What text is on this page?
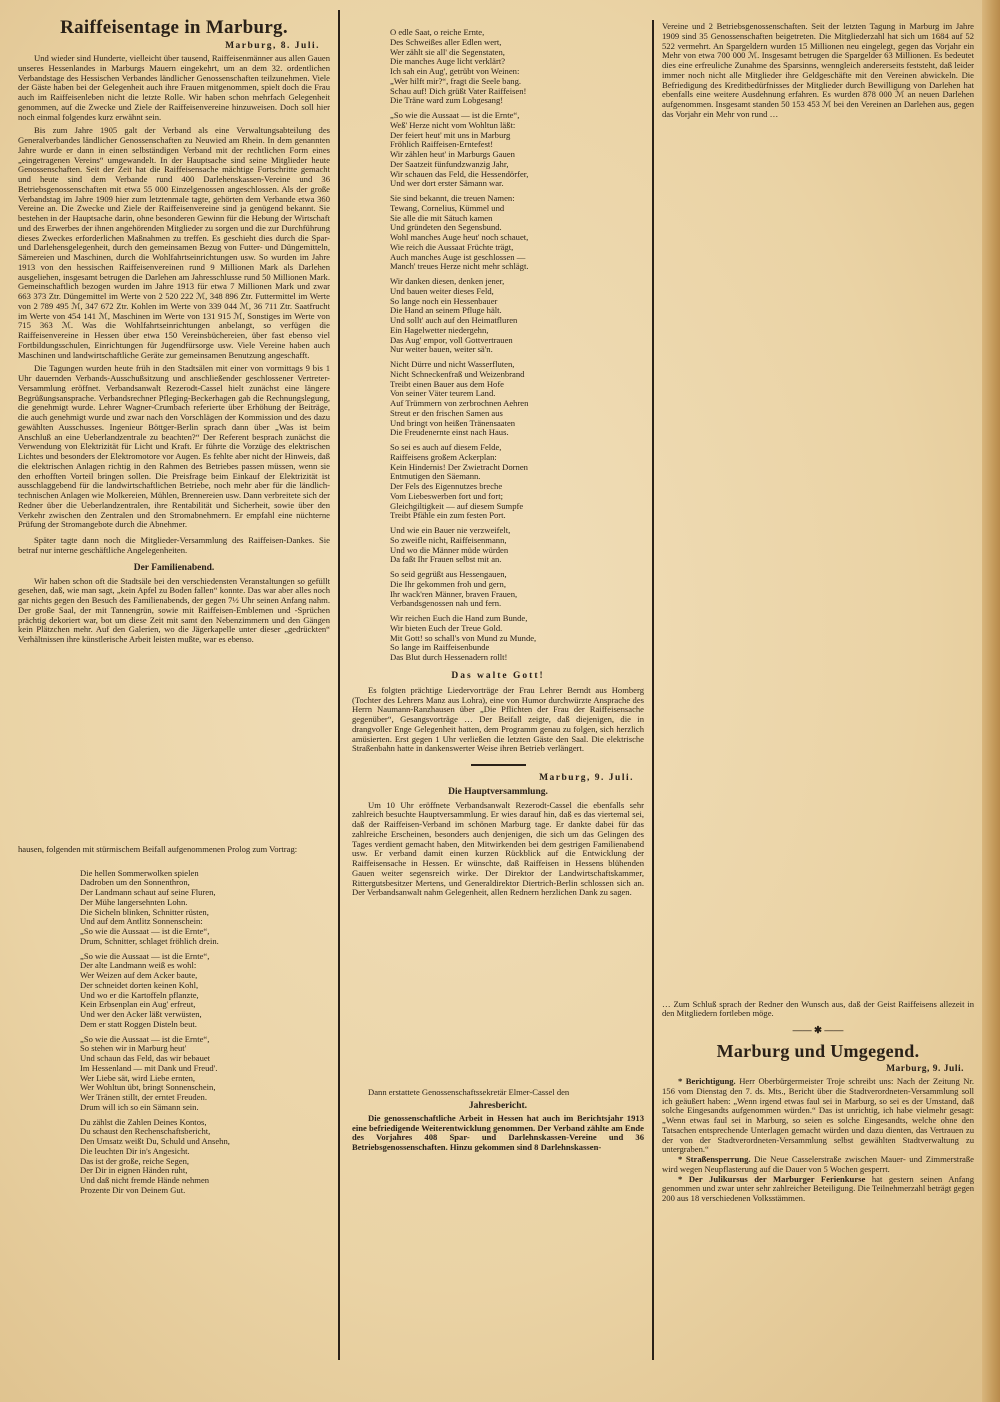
Raiffeisentage in Marburg.
Marburg, 8. Juli.

Und wieder sind Hunderte, vielleicht über tausend, Raiffeisenmänner aus allen Gauen unseres Hessenlandes in Marburgs Mauern eingekehrt, um an dem 32. ordentlichen Verbandstage des Hessischen Verbandes ländlicher Genossenschaften teilzunehmen. Viele der Gäste haben bei der Gelegenheit auch ihre Frauen mitgenommen, spielt doch die Frau auch im Raiffeisenleben nicht die letzte Rolle. Wir haben schon mehrfach Gelegenheit genommen, auf die Zwecke und Ziele der Raiffeisenvereine hinzuweisen. Doch soll hier noch einmal folgendes kurz erwähnt sein.

Bis zum Jahre 1905 galt der Verband als eine Verwaltungsabteilung des Generalverbandes ländlicher Genossenschaften zu Neuwied am Rhein. In dem genannten Jahre wurde er dann in einen selbständigen Verband mit der rechtlichen Form eines „eingetragenen Vereins“ umgewandelt. In der Hauptsache sind seine Mitglieder heute Genossenschaften. Seit der Zeit hat die Raiffeisensache mächtige Fortschritte gemacht und heute sind dem Verbande rund 400 Darlehenskassen-Vereine und 36 Betriebsgenossenschaften mit etwa 55 000 Einzelgenossen angeschlossen. Als der große Verbandstag im Jahre 1909 hier zum letztenmale tagte, gehörten dem Verbande etwa 360 Vereine an. Die Zwecke und Ziele der Raiffeisenvereine sind ja genügend bekannt. Sie bestehen in der Hauptsache darin, ohne besonderen Gewinn für die Hebung der Wirtschaft und des Erwerbes der ihnen angehörenden Mitglieder zu sorgen und die zur Durchführung dieses Zweckes erforderlichen Maßnahmen zu treffen. Es geschieht dies durch die Spar- und Darlehensgelegenheit, durch den gemeinsamen Bezug von Futter- und Düngemitteln, Sämereien und Maschinen, durch die Wohlfahrtseinrichtungen usw. So wurden im Jahre 1913 von den hessischen Raiffeisenvereinen rund 9 Millionen Mark als Darlehen ausgeliehen, insgesamt betrugen die Darlehen am Jahresschlusse rund 50 Millionen Mark. Gemeinschaftlich bezogen wurden im Jahre 1913 für etwa 7 Millionen Mark und zwar 663 373 Ztr. Düngemittel im Werte von 2 520 222 ℳ, 348 896 Ztr. Futtermittel im Werte von 2 789 495 ℳ, 347 672 Ztr. Kohlen im Werte von 339 044 ℳ, 36 711 Ztr. Saatfrucht im Werte von 454 141 ℳ, Maschinen im Werte von 131 915 ℳ, Sonstiges im Werte von 715 363 ℳ. Was die Wohlfahrtseinrichtungen anbelangt, so verfügen die Raiffeisenvereine in Hessen über etwa 150 Vereinsbüchereien, über fast ebenso viel Fortbildungsschulen, Einrichtungen für Jugendfürsorge usw. Viele Vereine haben auch Maschinen und landwirtschaftliche Geräte zur gemeinsamen Benutzung angeschafft.

Die Tagungen wurden heute früh in den Stadtsälen mit einer von vormittags 9 bis 1 Uhr dauernden Verbands-Ausschußsitzung und anschließender geschlossener Vertreter-Versammlung eröffnet. Verbandsanwalt Rezerodt-Cassel hielt zunächst eine längere Begrüßungsansprache. Verbandsrechner Pfleging-Beckerhagen gab die Rechnungslegung, die genehmigt wurde. Lehrer Wagner-Crumbach referierte über Erhöhung der Beiträge, die auch genehmigt wurde und zwar nach den Vorschlägen der Kommission und des dazu gewählten Ausschusses. Ingenieur Böttger-Berlin sprach dann über „Was ist beim Anschluß an eine Ueberlandzentrale zu beachten?“ Der Referent besprach zunächst die Verwendung von Elektrizität für Licht und Kraft. Er führte die Vorzüge des elektrischen Lichtes und besonders der Elektromotore vor Augen. Es fehlte aber nicht der Hinweis, daß die elektrischen Anlagen richtig in den Rahmen des Betriebes passen müssen, wenn sie den erhofften Vorteil bringen sollen. Die Preisfrage beim Einkauf der Elektrizität ist ausschlaggebend für die landwirtschaftlichen Betriebe, noch mehr aber für die ländlich-technischen Anlagen wie Molkereien, Mühlen, Brennereien usw. Dann verbreitete sich der Redner über die Ueberlandzentralen, ihre Rentabilität und Sicherheit, sowie über den Verkehr zwischen den Zentralen und den Stromabnehmern. Er empfahl eine nüchterne Prüfung der Stromangebote durch die Abnehmer.

Später tagte dann noch die Mitglieder-Versammlung des Raiffeisen-Dankes. Sie betraf nur interne geschäftliche Angelegenheiten.

Der Familienabend.

Wir haben schon oft die Stadtsäle bei den verschiedensten Veranstaltungen so gefüllt gesehen, daß, wie man sagt, „kein Apfel zu Boden fallen“ konnte. Das war aber alles noch gar nichts gegen den Besuch des Familienabends, der gegen 7½ Uhr seinen Anfang nahm. Der große Saal, der mit Tannengrün, sowie mit Raiffeisen-Emblemen und -Sprüchen prächtig dekoriert war, bot um diese Zeit mit samt den Nebenzimmern und den Gängen kein Plätzchen mehr. Auf den Galerien, wo die Jägerkapelle unter dieser „gedrückten“ Verhältnissen ihre künstlerische Arbeit leisten mußte, war es ebenso.

hausen, folgenden mit stürmischem Beifall aufgenommenen Prolog zum Vortrag:

Die hellen Sommerwolken spielen
Dadroben um den Sonnenthron,
Der Landmann schaut auf seine Fluren,
Der Mühe langersehnten Lohn.
Die Sicheln blinken, Schnitter rüsten,
Und auf dem Antlitz Sonnenschein:
„So wie die Aussaat — ist die Ernte“,
Drum, Schnitter, schlaget fröhlich drein.
„So wie die Aussaat — ist die Ernte“,
Der alte Landmann weiß es wohl:
Wer Weizen auf dem Acker baute,
Der schneidet dorten keinen Kohl,
Und wo er die Kartoffeln pflanzte,
Kein Erbsenplan ein Aug' erfreut,
Und wer den Acker läßt verwüsten,
Dem er statt Roggen Disteln beut.
„So wie die Aussaat — ist die Ernte“,
So stehen wir in Marburg heut'
Und schaun das Feld, das wir bebauet
Im Hessenland — mit Dank und Freud'.
Wer Liebe sät, wird Liebe ernten,
Wer Wohltun übt, bringt Sonnenschein,
Wer Tränen stillt, der erntet Freuden.
Drum will ich so ein Sämann sein.
Du zählst die Zahlen Deines Kontos,
Du schaust den Rechenschaftsbericht,
Den Umsatz weißt Du, Schuld und Ansehn,
Die leuchten Dir in's Angesicht.
Das ist der große, reiche Segen,
Der Dir in eignen Händen ruht,
Und daß nicht fremde Hände nehmen
Prozente Dir von Deinem Gut.
O edle Saat, o reiche Ernte,
Des Schweißes aller Edlen wert,
Wer zählt sie all' die Segenstaten,
Die manches Auge licht verklärt?
Ich sah ein Aug', getrübt von Weinen:
„Wer hilft mir?“, fragt die Seele bang.
Schau auf! Dich grüßt Vater Raiffeisen!
Die Träne ward zum Lobgesang!
„So wie die Aussaat — ist die Ernte“,
Weß' Herze nicht vom Wohltun läßt:
Der feiert heut' mit uns in Marburg
Fröhlich Raiffeisen-Erntefest!
Wir zählen heut' in Marburgs Gauen
Der Saatzeit fünfundzwanzig Jahr,
Wir schauen das Feld, die Hessendörfer,
Und wer dort erster Sämann war.
Sie sind bekannt, die treuen Namen:
Tewang, Cornelius, Kümmel und
Sie alle die mit Sätuch kamen
Und gründeten den Segensbund.
Wohl manches Auge heut' noch schauet,
Wie reich die Aussaat Früchte trägt,
Auch manches Auge ist geschlossen —
Manch' treues Herze nicht mehr schlägt.
Wir danken diesen, denken jener,
Und bauen weiter dieses Feld,
So lange noch ein Hessenbauer
Die Hand an seinem Pfluge hält.
Und sollt' auch auf den Heimatfluren
Ein Hagelwetter niedergehn,
Das Aug' empor, voll Gottvertrauen
Nur weiter bauen, weiter sä'n.
Nicht Dürre und nicht Wasserfluten,
Nicht Schneckenfraß und Weizenbrand
Treibt einen Bauer aus dem Hofe
Von seiner Väter teurem Land.
Auf Trümmern von zerbrochnen Aehren
Streut er den frischen Samen aus
Und bringt von heißen Tränensaaten
Die Freudenernte einst nach Haus.
So sei es auch auf diesem Felde,
Raiffeisens großem Ackerplan:
Kein Hindernis! Der Zwietracht Dornen
Entmutigen den Säemann.
Der Fels des Eigennutzes breche
Vom Liebeswerben fort und fort;
Gleichgiltigkeit — auf diesem Sumpfe
Treibt Pfähle ein zum festen Port.
Und wie ein Bauer nie verzweifelt,
So zweifle nicht, Raiffeisenmann,
Und wo die Männer müde würden
Da faßt Ihr Frauen selbst mit an.
So seid gegrüßt aus Hessengauen,
Die Ihr gekommen froh und gern,
Ihr wack'ren Männer, braven Frauen,
Verbandsgenossen nah und fern.
Wir reichen Euch die Hand zum Bunde,
Wir bieten Euch der Treue Gold.
Mit Gott! so schall's von Mund zu Munde,
So lange im Raiffeisenbunde
Das Blut durch Hessenadern rollt!
Das walte Gott!

Es folgten prächtige Liedervorträge der Frau Lehrer Berndt aus Homberg (Tochter des Lehrers Manz aus Lohra), eine von Humor durchwürzte Ansprache des Herrn Naumann-Ranzhausen über „Die Pflichten der Frau der Raiffeisensache gegenüber“, Gesangsvorträge … Der Beifall zeigte, daß diejenigen, die in drangvoller Enge Gelegenheit hatten, dem Programm genau zu folgen, sich herzlich amüsierten. Erst gegen 1 Uhr verließen die letzten Gäste den Saal. Die elektrische Straßenbahn hatte in dankenswerter Weise ihren Betrieb verlängert.

Marburg, 9. Juli.
Die Hauptversammlung.

Um 10 Uhr eröffnete Verbandsanwalt Rezerodt-Cassel die ebenfalls sehr zahlreich besuchte Hauptversammlung. Er wies darauf hin, daß es das viertemal sei, daß der Raiffeisen-Verband im schönen Marburg tage. Er dankte dabei für das zahlreiche Erscheinen, besonders auch denjenigen, die sich um das Gelingen des Tages verdient gemacht haben, den Mitwirkenden bei dem gestrigen Familienabend usw. Er verband damit einen kurzen Rückblick auf die Entwicklung der Raiffeisensache in Hessen. Er wünschte, daß Raiffeisen in Hessens blühenden Gauen weiter segensreich wirke. Der Direktor der Landwirtschaftskammer, Rittergutsbesitzer Mertens, und Generaldirektor Diertrich-Berlin schlossen sich an. Der Verbandsanwalt nahm Gelegenheit, allen Rednern herzlichen Dank zu sagen.

Dann erstattete Genossenschaftssekretär Elmer-Cassel den

Jahresbericht.

Die genossenschaftliche Arbeit in Hessen hat auch im Berichtsjahr 1913 eine befriedigende Weiterentwicklung genommen. Der Verband zählte am Ende des Vorjahres 408 Spar- und Darlehnskassen-Vereine und 36 Betriebsgenossenschaften. Hinzu gekommen sind 8 Darlehnskassen-

Vereine und 2 Betriebsgenossenschaften. Seit der letzten Tagung in Marburg im Jahre 1909 sind 35 Genossenschaften beigetreten. Die Mitgliederzahl hat sich um 1684 auf 52 522 vermehrt. An Spargeldern wurden 15 Millionen neu eingelegt, gegen das Vorjahr ein Mehr von etwa 700 000 ℳ. Insgesamt betrugen die Spargelder 63 Millionen. Es bedeutet dies eine erfreuliche Zunahme des Sparsinns, wenngleich andererseits feststeht, daß leider immer noch nicht alle Mitglieder ihre Geldgeschäfte mit den Vereinen abwickeln. Die Befriedigung des Kreditbedürfnisses der Mitglieder durch Bewilligung von Darlehen hat ebenfalls eine weitere Ausdehnung erfahren. Es wurden 878 000 ℳ an neuen Darlehen aufgenommen. Insgesamt standen 50 153 453 ℳ bei den Vereinen an Darlehen aus, gegen das Vorjahr ein Mehr von rund …

… Zum Schluß sprach der Redner den Wunsch aus, daß der Geist Raiffeisens allezeit in den Mitgliedern fortleben möge.

—— ✱ ——
Marburg und Umgegend.
Marburg, 9. Juli.

* Berichtigung. Herr Oberbürgermeister Troje schreibt uns: Nach der Zeitung Nr. 156 vom Dienstag den 7. ds. Mts., Bericht über die Stadtverordneten-Versammlung soll ich geäußert haben: „Wenn irgend etwas faul sei in Marburg, so sei es der Umstand, daß solche Eingesandts aufgenommen würden.“ Das ist unrichtig, ich habe vielmehr gesagt: „Wenn etwas faul sei in Marburg, so seien es solche Eingesandts, welche ohne den Tatsachen entsprechende Unterlagen gemacht würden und dazu dienten, das Vertrauen zu der von der Stadtverordneten-Versammlung selbst gewählten Stadtverwaltung zu untergraben.“

* Straßensperrung. Die Neue Casselerstraße zwischen Mauer- und Zimmerstraße wird wegen Neupflasterung auf die Dauer von 5 Wochen gesperrt.

* Der Julikursus der Marburger Ferienkurse hat gestern seinen Anfang genommen und zwar unter sehr zahlreicher Beteiligung. Die Teilnehmerzahl beträgt gegen 200 aus 18 verschiedenen Volksstämmen.
